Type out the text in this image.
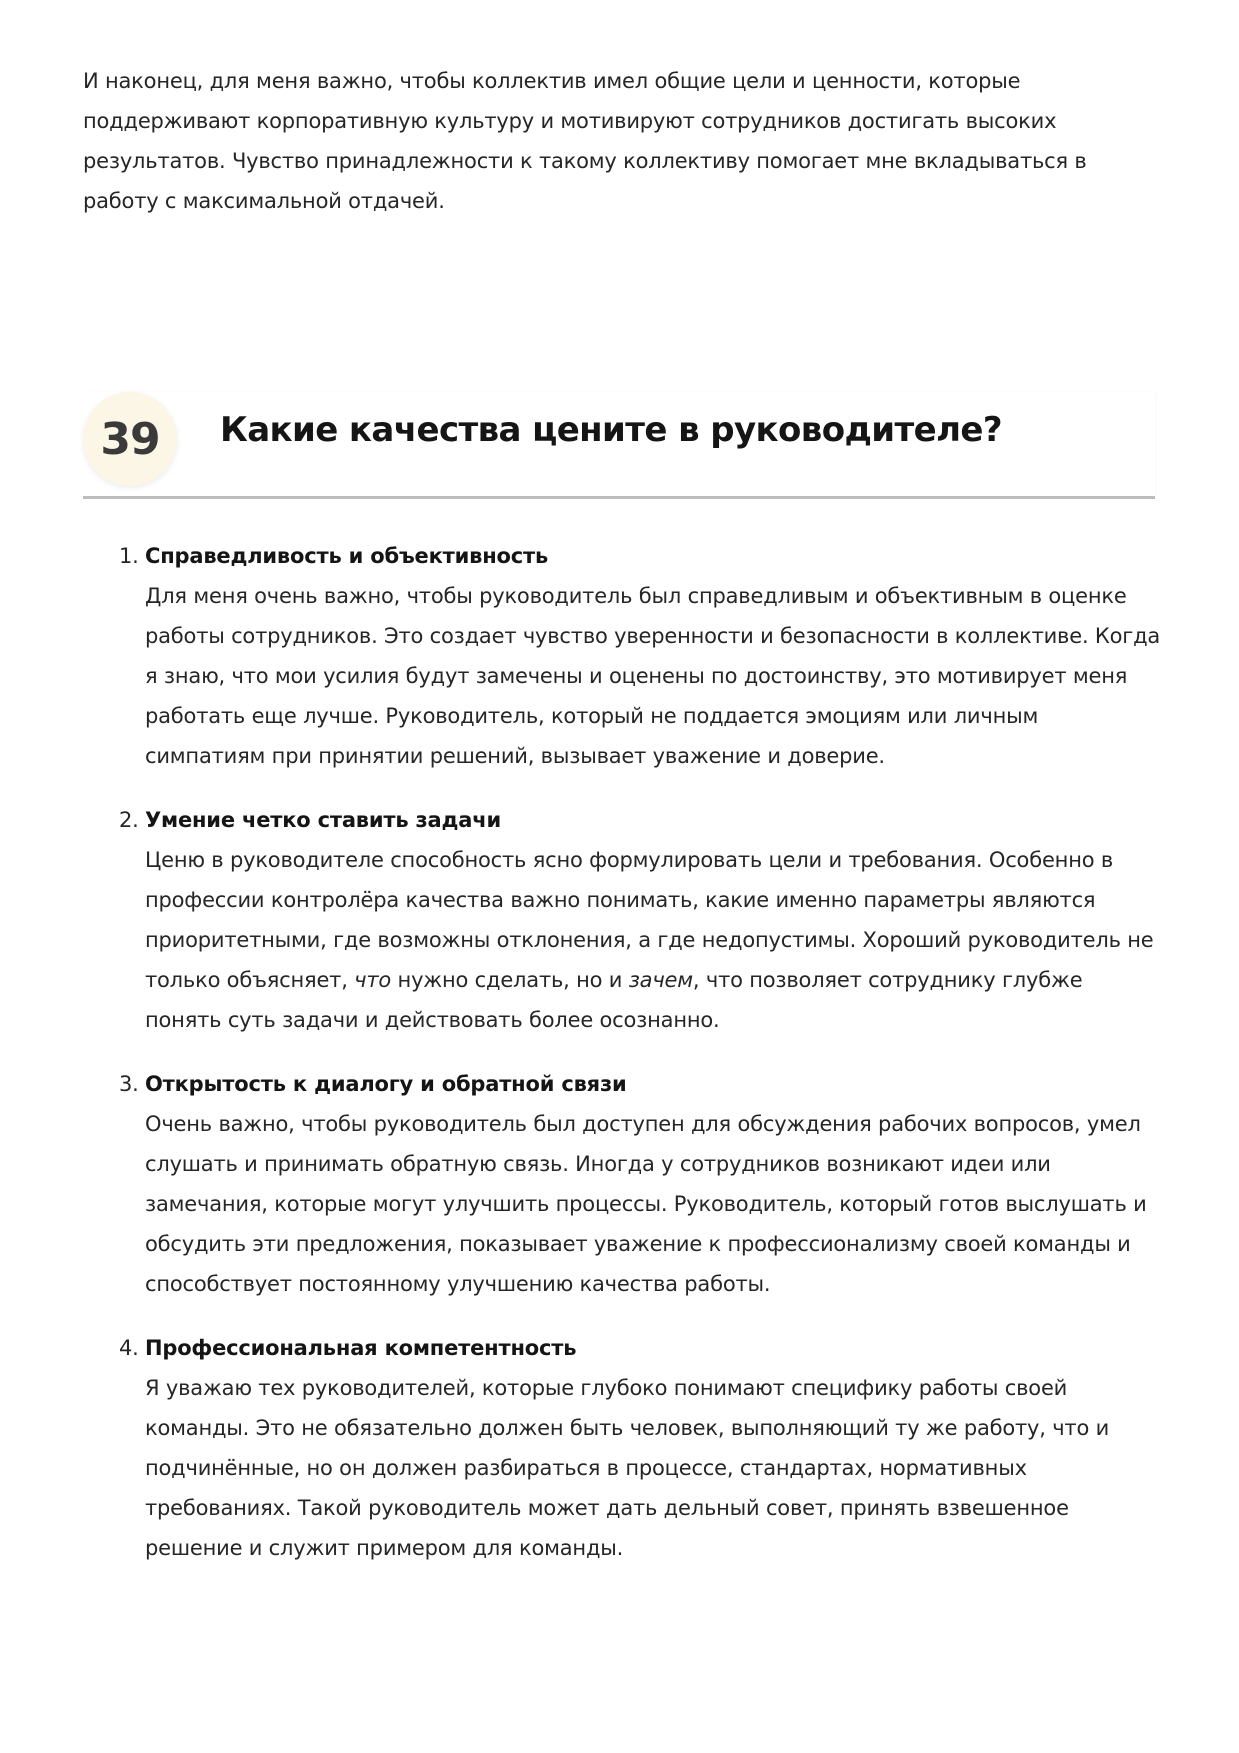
И наконец, для меня важно, чтобы коллектив имел общие цели и ценности, которые поддерживают корпоративную культуру и мотивируют сотрудников достигать высоких результатов. Чувство принадлежности к такому коллективу помогает мне вкладываться в работу с максимальной отдачей.

39 Какие качества цените в руководителе?
1. Справедливость и объективность
Для меня очень важно, чтобы руководитель был справедливым и объективным в оценке работы сотрудников. Это создает чувство уверенности и безопасности в коллективе. Когда я знаю, что мои усилия будут замечены и оценены по достоинству, это мотивирует меня работать еще лучше. Руководитель, который не поддается эмоциям или личным симпатиям при принятии решений, вызывает уважение и доверие.
2. Умение четко ставить задачи
Ценю в руководителе способность ясно формулировать цели и требования. Особенно в профессии контролёра качества важно понимать, какие именно параметры являются приоритетными, где возможны отклонения, а где недопустимы. Хороший руководитель не только объясняет, что нужно сделать, но и зачем, что позволяет сотруднику глубже понять суть задачи и действовать более осознанно.
3. Открытость к диалогу и обратной связи
Очень важно, чтобы руководитель был доступен для обсуждения рабочих вопросов, умел слушать и принимать обратную связь. Иногда у сотрудников возникают идеи или замечания, которые могут улучшить процессы. Руководитель, который готов выслушать и обсудить эти предложения, показывает уважение к профессионализму своей команды и способствует постоянному улучшению качества работы.
4. Профессиональная компетентность
Я уважаю тех руководителей, которые глубоко понимают специфику работы своей команды. Это не обязательно должен быть человек, выполняющий ту же работу, что и подчинённые, но он должен разбираться в процессе, стандартах, нормативных требованиях. Такой руководитель может дать дельный совет, принять взвешенное решение и служит примером для команды.
